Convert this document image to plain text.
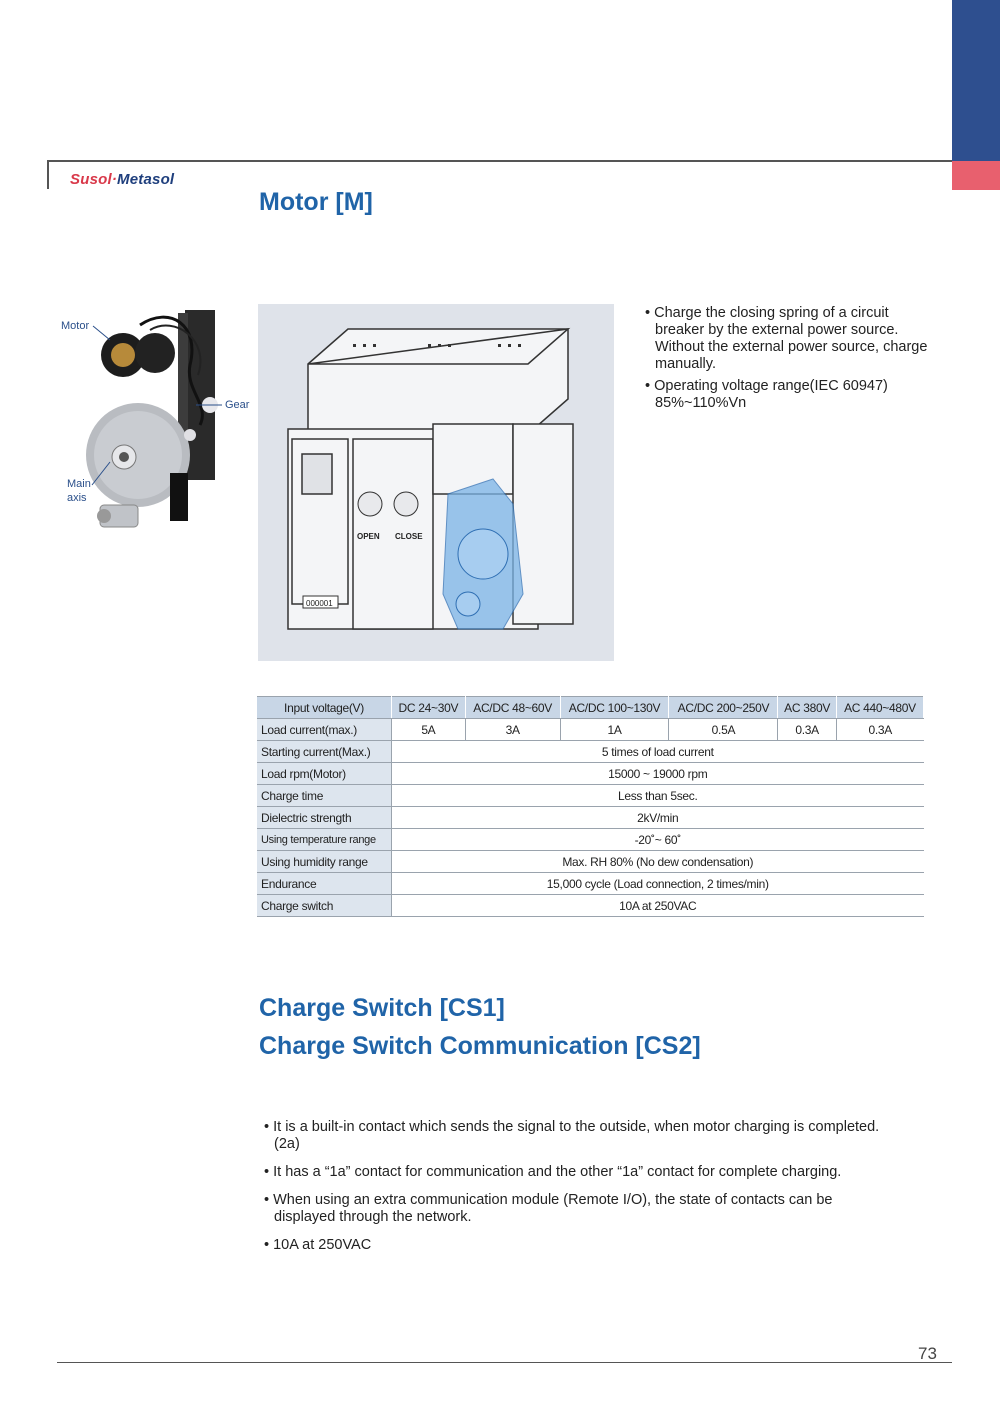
Susol·Metasol
Motor [M]
Motor
Gear
Main
axis
OPEN CLOSE
000001
• Charge the closing spring of a circuit breaker by the external power source. Without the external power source, charge manually.
• Operating voltage range(IEC 60947) 85%~110%Vn
Input voltage(V)	DC 24~30V	AC/DC 48~60V	AC/DC 100~130V	AC/DC 200~250V	AC 380V	AC 440~480V
Load current(max.)	5A	3A	1A	0.5A	0.3A	0.3A
Starting current(Max.)	5 times of load current					
Load rpm(Motor)	15000 ~ 19000 rpm					
Charge time	Less than 5sec.					
Dielectric strength	2kV/min					
Using temperature range	-20˚~ 60˚					
Using humidity range	Max. RH 80% (No dew condensation)					
Endurance	15,000 cycle (Load connection, 2 times/min)					
Charge switch	10A at 250VAC					
Charge Switch [CS1]
Charge Switch Communication [CS2]
• It is a built-in contact which sends the signal to the outside, when motor charging is completed. (2a)
• It has a “1a” contact for communication and the other “1a” contact for complete charging.
• When using an extra communication module (Remote I/O), the state of contacts can be displayed through the network.
• 10A at 250VAC
73
